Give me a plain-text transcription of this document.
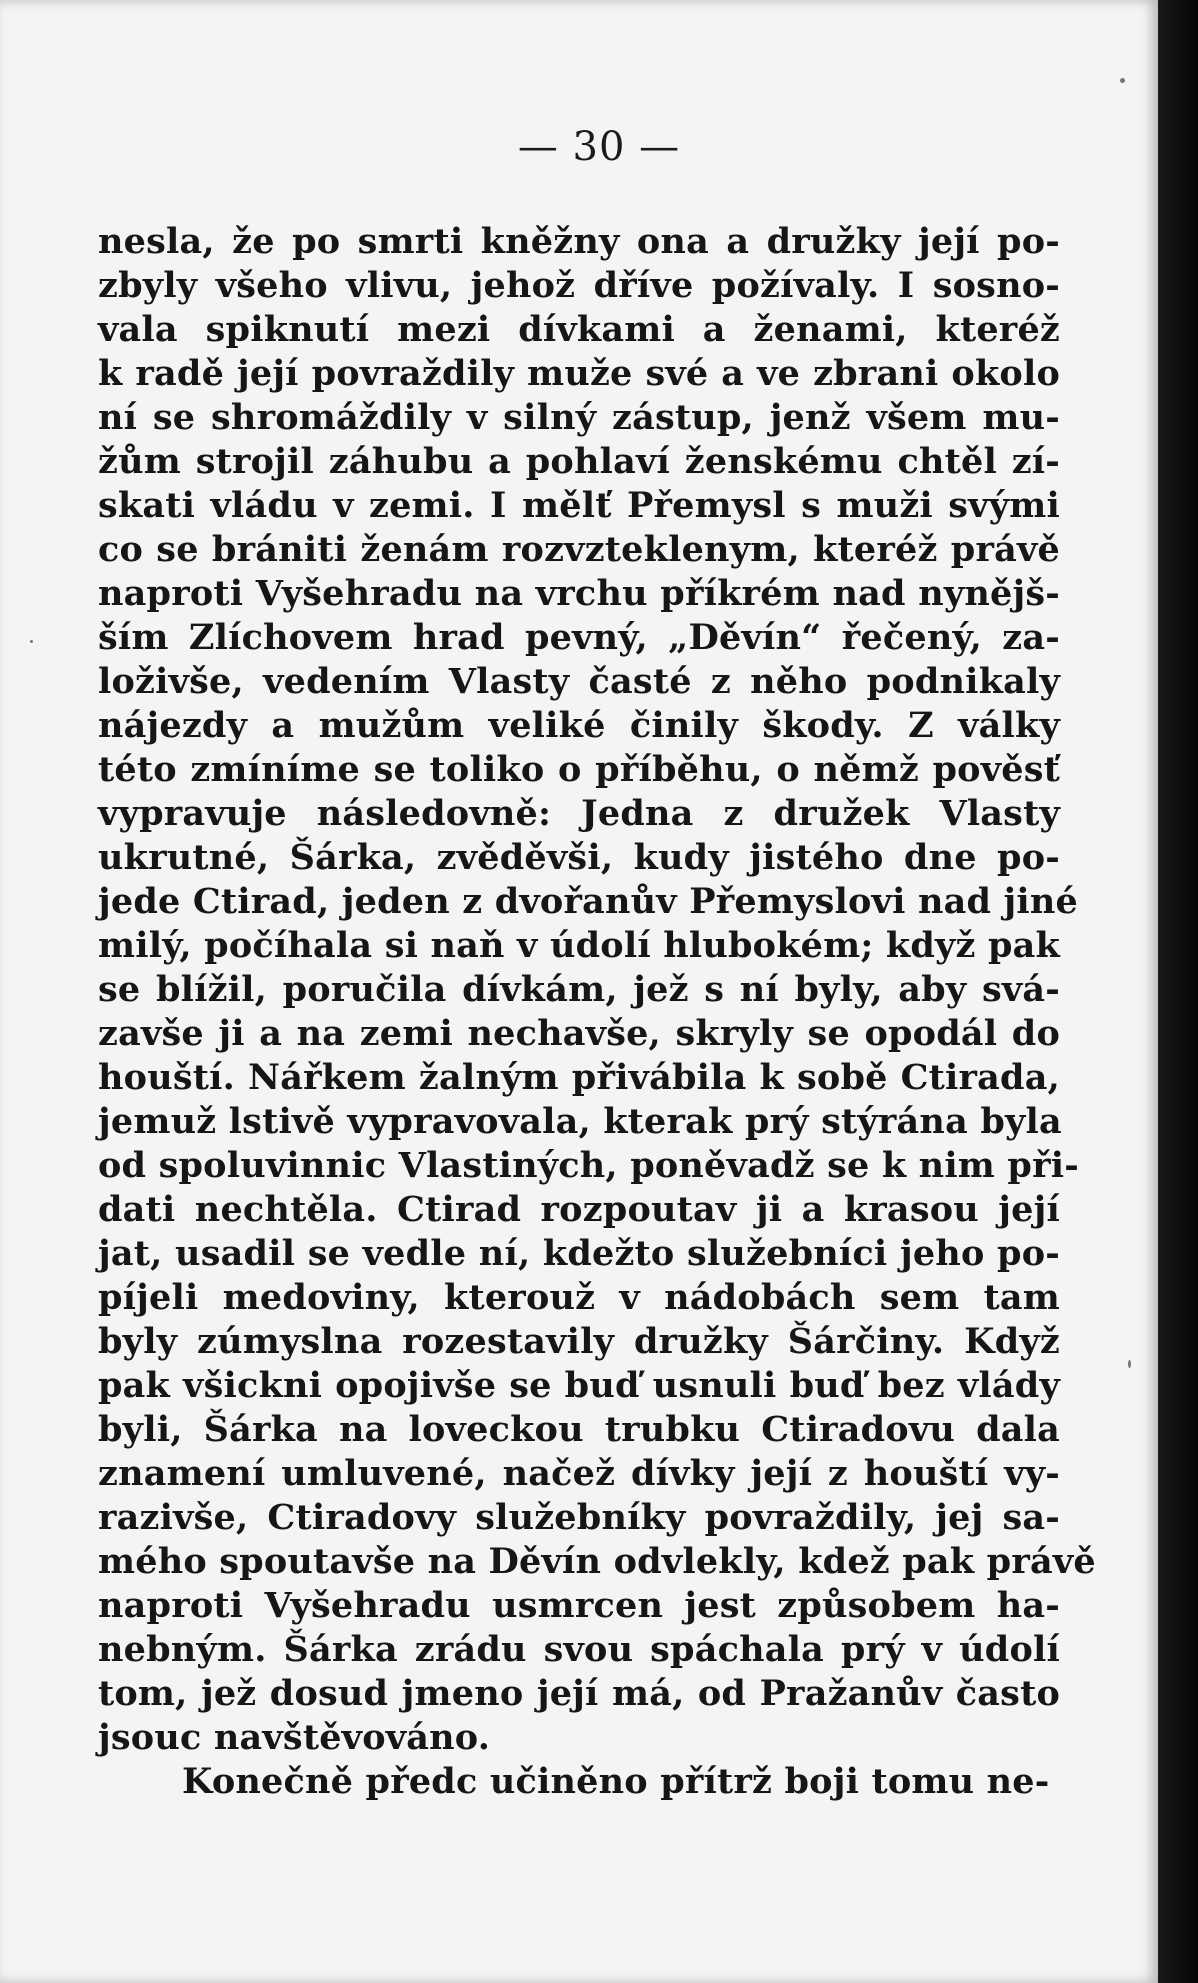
— 30 —
nesla, že po smrti kněžny ona a družky její po-
zbyly všeho vlivu, jehož dříve požívaly. I sosno-
vala spiknutí mezi dívkami a ženami, kteréž
k radě její povraždily muže své a ve zbrani okolo
ní se shromáždily v silný zástup, jenž všem mu-
žům strojil záhubu a pohlaví ženskému chtěl zí-
skati vládu v zemi. I mělť Přemysl s muži svými
co se brániti ženám rozvzteklenym, kteréž právě
naproti Vyšehradu na vrchu příkrém nad nynějš-
ším Zlíchovem hrad pevný, „Děvín“ řečený, za-
loživše, vedením Vlasty časté z něho podnikaly
nájezdy a mužům veliké činily škody. Z války
této zmíníme se toliko o příběhu, o němž pověsť
vypravuje následovně: Jedna z družek Vlasty
ukrutné, Šárka, zvěděvši, kudy jistého dne po-
jede Ctirad, jeden z dvořanův Přemyslovi nad jiné
milý, počíhala si naň v údolí hlubokém; když pak
se blížil, poručila dívkám, jež s ní byly, aby svá-
zavše ji a na zemi nechavše, skryly se opodál do
houští. Nářkem žalným přivábila k sobě Ctirada,
jemuž lstivě vypravovala, kterak prý stýrána byla
od spoluvinnic Vlastiných, poněvadž se k nim při-
dati nechtěla. Ctirad rozpoutav ji a krasou její
jat, usadil se vedle ní, kdežto služebníci jeho po-
píjeli medoviny, kterouž v nádobách sem tam
byly zúmyslna rozestavily družky Šárčiny. Když
pak všickni opojivše se buď usnuli buď bez vlády
byli, Šárka na loveckou trubku Ctiradovu dala
znamení umluvené, načež dívky její z houští vy-
razivše, Ctiradovy služebníky povraždily, jej sa-
mého spoutavše na Děvín odvlekly, kdež pak právě
naproti Vyšehradu usmrcen jest způsobem ha-
nebným. Šárka zrádu svou spáchala prý v údolí
tom, jež dosud jmeno její má, od Pražanův často
jsouc navštěvováno.
Konečně předc učiněno přítrž boji tomu ne-
